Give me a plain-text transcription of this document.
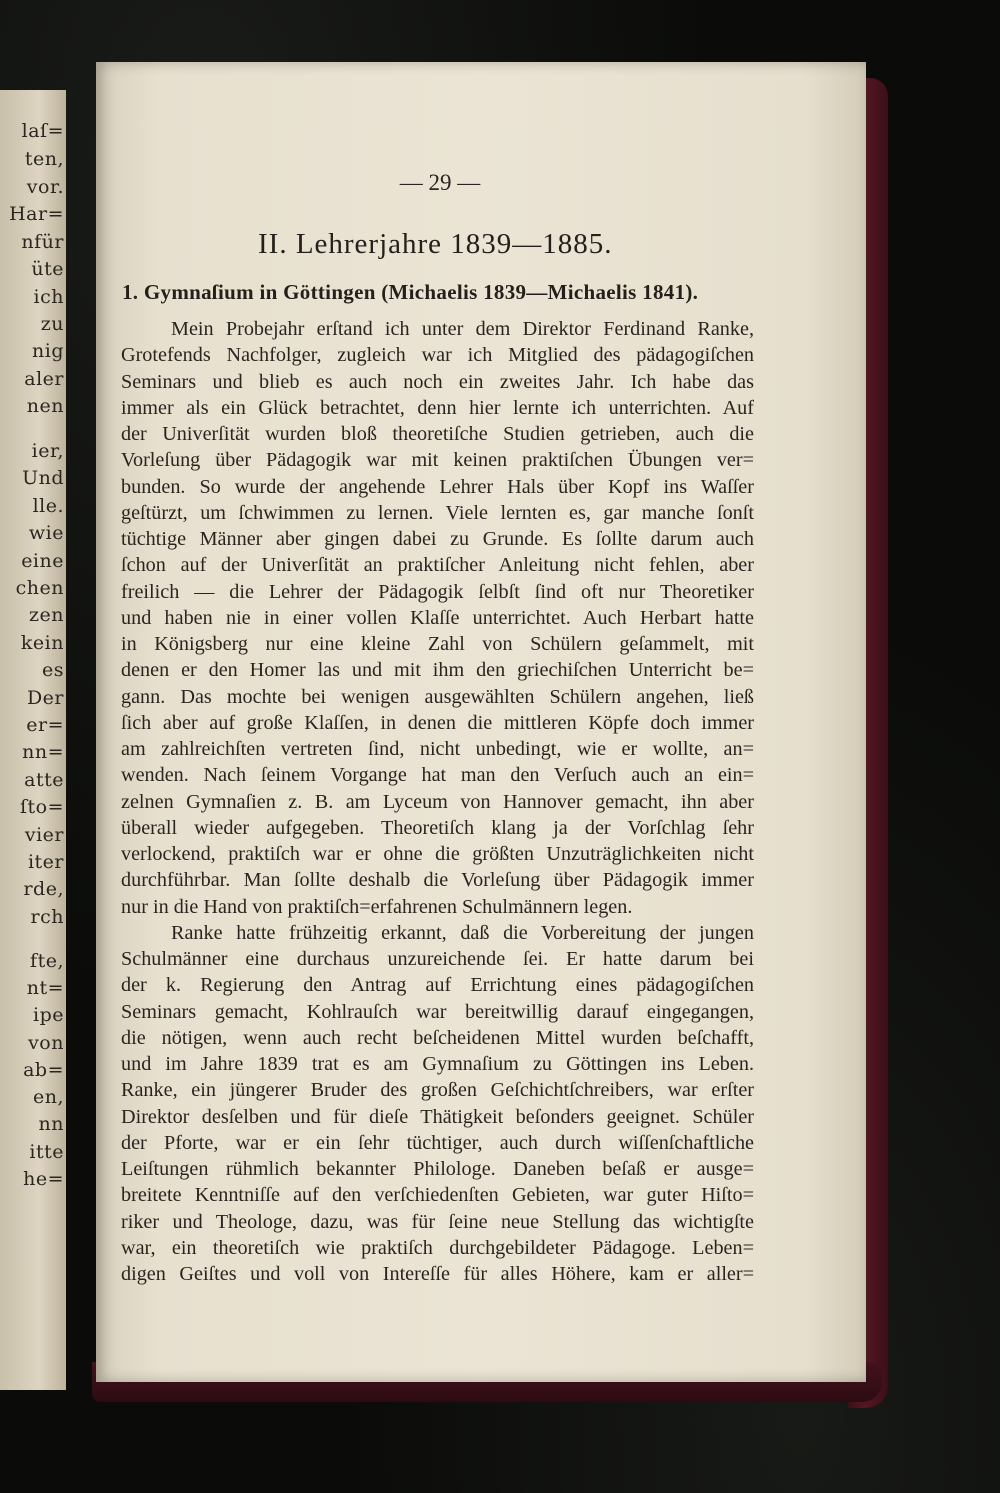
laſ=
ten,
vor.
Har=
nfür
üte
ich
zu
nig
aler
nen
ier,
Und
lle.
wie
eine
chen
zen
kein
es
Der
er=
nn=
atte
ſto=
vier
iter
rde,
rch
fte,
nt=
ipe
von
ab=
en,
nn
itte
he=
— 29 —
II. Lehrerjahre 1839—1885.
1. Gymnaſium in Göttingen (Michaelis 1839—Michaelis 1841).
Mein Probejahr erſtand ich unter dem Direktor Ferdinand Ranke,
Grotefends Nachfolger, zugleich war ich Mitglied des pädagogiſchen
Seminars und blieb es auch noch ein zweites Jahr. Ich habe das
immer als ein Glück betrachtet, denn hier lernte ich unterrichten. Auf
der Univerſität wurden bloß theoretiſche Studien getrieben, auch die
Vorleſung über Pädagogik war mit keinen praktiſchen Übungen ver=
bunden. So wurde der angehende Lehrer Hals über Kopf ins Waſſer
geſtürzt, um ſchwimmen zu lernen. Viele lernten es, gar manche ſonſt
tüchtige Männer aber gingen dabei zu Grunde. Es ſollte darum auch
ſchon auf der Univerſität an praktiſcher Anleitung nicht fehlen, aber
freilich — die Lehrer der Pädagogik ſelbſt ſind oft nur Theoretiker
und haben nie in einer vollen Klaſſe unterrichtet. Auch Herbart hatte
in Königsberg nur eine kleine Zahl von Schülern geſammelt, mit
denen er den Homer las und mit ihm den griechiſchen Unterricht be=
gann. Das mochte bei wenigen ausgewählten Schülern angehen, ließ
ſich aber auf große Klaſſen, in denen die mittleren Köpfe doch immer
am zahlreichſten vertreten ſind, nicht unbedingt, wie er wollte, an=
wenden. Nach ſeinem Vorgange hat man den Verſuch auch an ein=
zelnen Gymnaſien z. B. am Lyceum von Hannover gemacht, ihn aber
überall wieder aufgegeben. Theoretiſch klang ja der Vorſchlag ſehr
verlockend, praktiſch war er ohne die größten Unzuträglichkeiten nicht
durchführbar. Man ſollte deshalb die Vorleſung über Pädagogik immer
nur in die Hand von praktiſch=erfahrenen Schulmännern legen.
Ranke hatte frühzeitig erkannt, daß die Vorbereitung der jungen
Schulmänner eine durchaus unzureichende ſei. Er hatte darum bei
der k. Regierung den Antrag auf Errichtung eines pädagogiſchen
Seminars gemacht, Kohlrauſch war bereitwillig darauf eingegangen,
die nötigen, wenn auch recht beſcheidenen Mittel wurden beſchafft,
und im Jahre 1839 trat es am Gymnaſium zu Göttingen ins Leben.
Ranke, ein jüngerer Bruder des großen Geſchichtſchreibers, war erſter
Direktor desſelben und für dieſe Thätigkeit beſonders geeignet. Schüler
der Pforte, war er ein ſehr tüchtiger, auch durch wiſſenſchaftliche
Leiſtungen rühmlich bekannter Philologe. Daneben beſaß er ausge=
breitete Kenntniſſe auf den verſchiedenſten Gebieten, war guter Hiſto=
riker und Theologe, dazu, was für ſeine neue Stellung das wichtigſte
war, ein theoretiſch wie praktiſch durchgebildeter Pädagoge. Leben=
digen Geiſtes und voll von Intereſſe für alles Höhere, kam er aller=
